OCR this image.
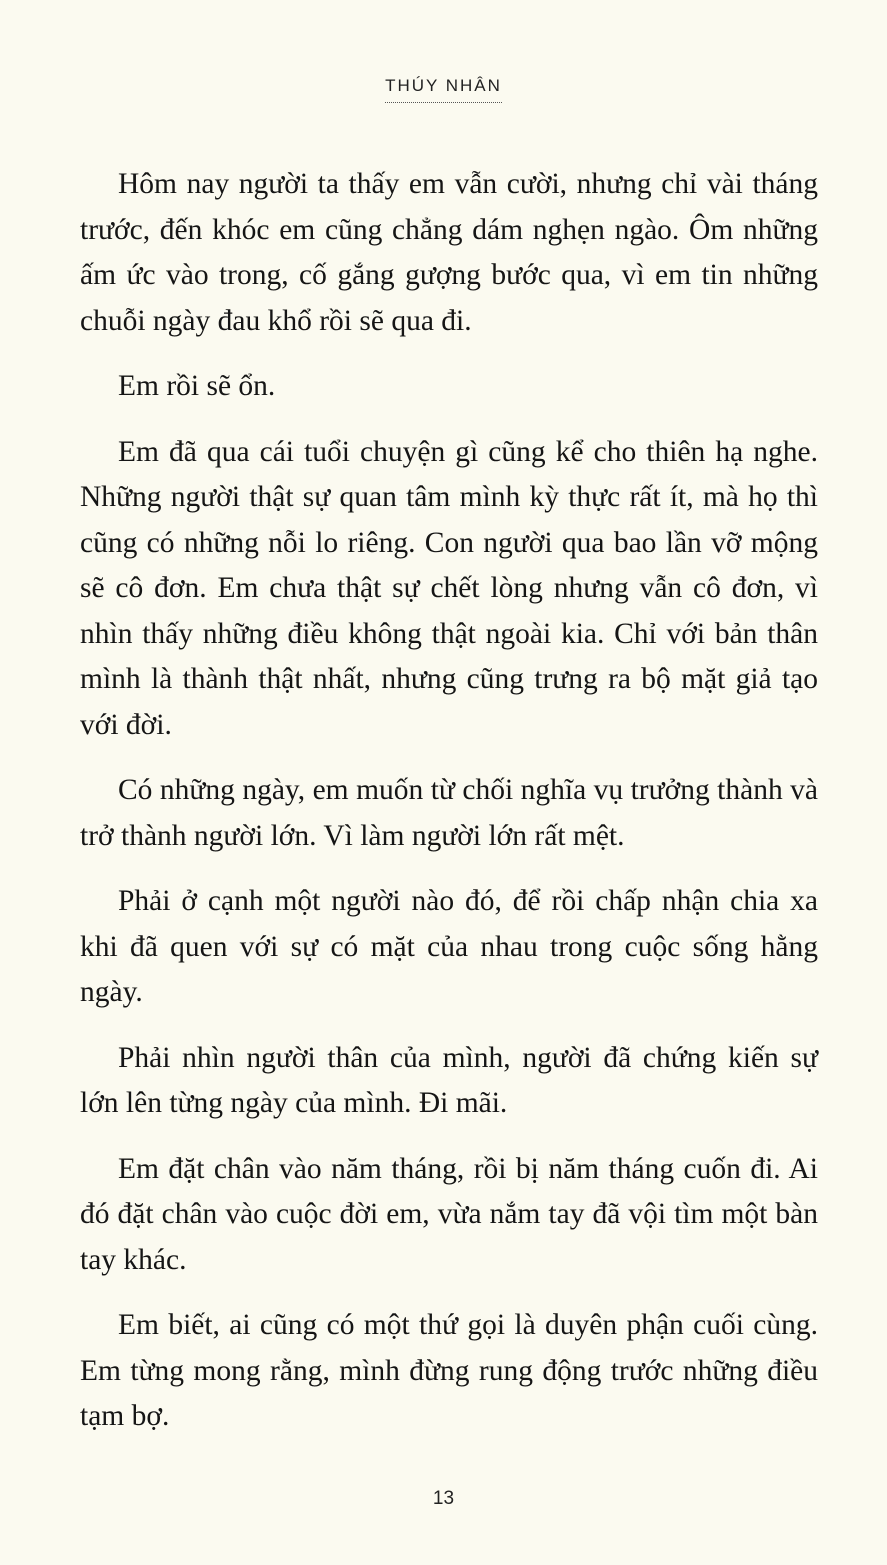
THÚY NHÂN

Hôm nay người ta thấy em vẫn cười, nhưng chỉ vài tháng trước, đến khóc em cũng chẳng dám nghẹn ngào. Ôm những ấm ức vào trong, cố gắng gượng bước qua, vì em tin những chuỗi ngày đau khổ rồi sẽ qua đi.

Em rồi sẽ ổn.

Em đã qua cái tuổi chuyện gì cũng kể cho thiên hạ nghe. Những người thật sự quan tâm mình kỳ thực rất ít, mà họ thì cũng có những nỗi lo riêng. Con người qua bao lần vỡ mộng sẽ cô đơn. Em chưa thật sự chết lòng nhưng vẫn cô đơn, vì nhìn thấy những điều không thật ngoài kia. Chỉ với bản thân mình là thành thật nhất, nhưng cũng trưng ra bộ mặt giả tạo với đời.

Có những ngày, em muốn từ chối nghĩa vụ trưởng thành và trở thành người lớn. Vì làm người lớn rất mệt.

Phải ở cạnh một người nào đó, để rồi chấp nhận chia xa khi đã quen với sự có mặt của nhau trong cuộc sống hằng ngày.

Phải nhìn người thân của mình, người đã chứng kiến sự lớn lên từng ngày của mình. Đi mãi.

Em đặt chân vào năm tháng, rồi bị năm tháng cuốn đi. Ai đó đặt chân vào cuộc đời em, vừa nắm tay đã vội tìm một bàn tay khác.

Em biết, ai cũng có một thứ gọi là duyên phận cuối cùng. Em từng mong rằng, mình đừng rung động trước những điều tạm bợ.

13
